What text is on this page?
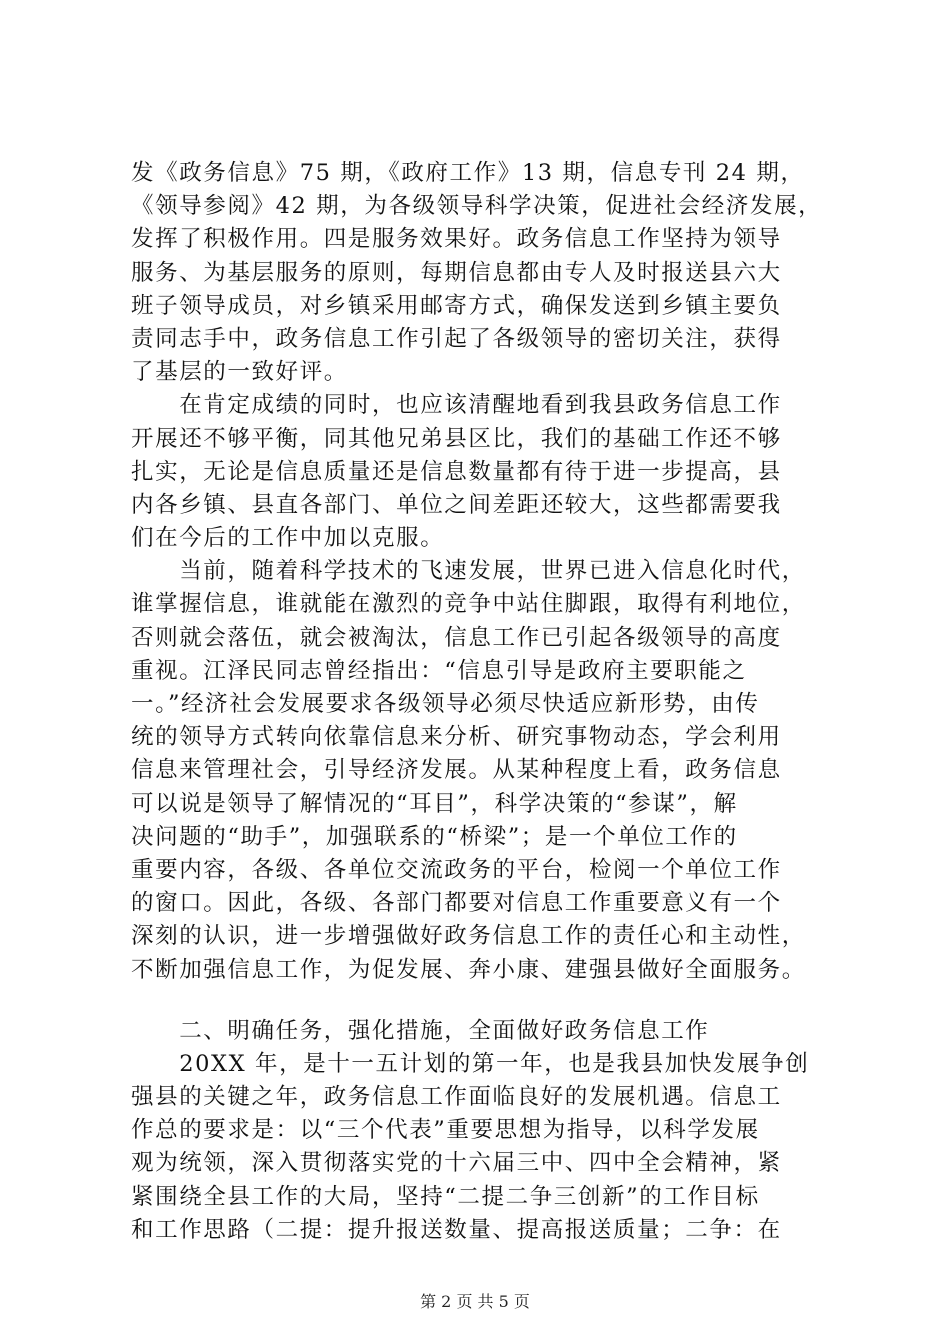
发《政务信息》75 期，《政府工作》13 期，信息专刊 24 期，
《领导参阅》42 期，为各级领导科学决策，促进社会经济发展，
发挥了积极作用。四是服务效果好。政务信息工作坚持为领导
服务、为基层服务的原则，每期信息都由专人及时报送县六大
班子领导成员，对乡镇采用邮寄方式，确保发送到乡镇主要负
责同志手中，政务信息工作引起了各级领导的密切关注，获得
了基层的一致好评。
　　在肯定成绩的同时，也应该清醒地看到我县政务信息工作
开展还不够平衡，同其他兄弟县区比，我们的基础工作还不够
扎实，无论是信息质量还是信息数量都有待于进一步提高，县
内各乡镇、县直各部门、单位之间差距还较大，这些都需要我
们在今后的工作中加以克服。
　　当前，随着科学技术的飞速发展，世界已进入信息化时代，
谁掌握信息，谁就能在激烈的竞争中站住脚跟，取得有利地位，
否则就会落伍，就会被淘汰，信息工作已引起各级领导的高度
重视。江泽民同志曾经指出：“信息引导是政府主要职能之
一。”经济社会发展要求各级领导必须尽快适应新形势，由传
统的领导方式转向依靠信息来分析、研究事物动态，学会利用
信息来管理社会，引导经济发展。从某种程度上看，政务信息
可以说是领导了解情况的“耳目”，科学决策的“参谋”，解
决问题的“助手”，加强联系的“桥梁”；是一个单位工作的
重要内容，各级、各单位交流政务的平台，检阅一个单位工作
的窗口。因此，各级、各部门都要对信息工作重要意义有一个
深刻的认识，进一步增强做好政务信息工作的责任心和主动性，
不断加强信息工作，为促发展、奔小康、建强县做好全面服务。
　　二、明确任务，强化措施，全面做好政务信息工作
　　20XX 年，是十一五计划的第一年，也是我县加快发展争创
强县的关键之年，政务信息工作面临良好的发展机遇。信息工
作总的要求是：以“三个代表”重要思想为指导，以科学发展
观为统领，深入贯彻落实党的十六届三中、四中全会精神，紧
紧围绕全县工作的大局，坚持“二提二争三创新”的工作目标
和工作思路（二提：提升报送数量、提高报送质量；二争：在
第 2 页 共 5 页
